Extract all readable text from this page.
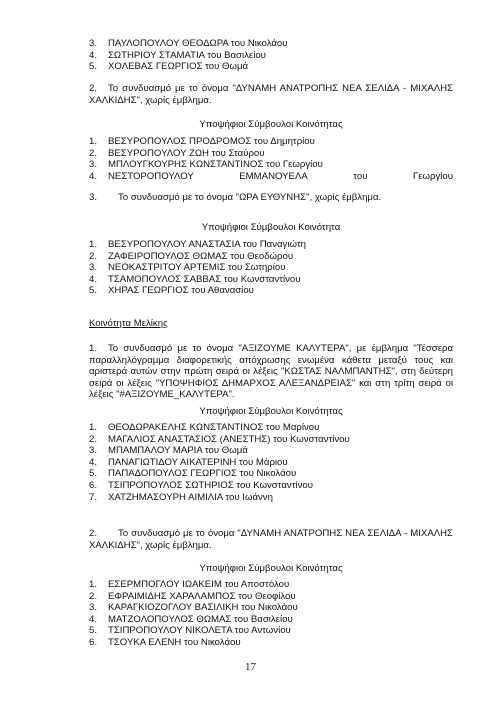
3.	ΠΑΥΛΟΠΟΥΛΟΥ ΘΕΟΔΩΡΑ του Νικολάου
4.	ΣΩΤΗΡΙΟΥ ΣΤΑΜΑΤΙΑ του Βασιλείου
5.	ΧΟΛΕΒΑΣ ΓΕΩΡΓΙΟΣ του Θωμά
2. Το συνδυασμό με το όνομα "ΔΥΝΑΜΗ ΑΝΑΤΡΟΠΗΣ ΝΕΑ ΣΕΛΙΔΑ - ΜΙΧΑΛΗΣ ΧΑΛΚΙΔΗΣ", χωρίς έμβλημα.
Υποψήφιοι Σύμβουλοι Κοινότητας
1.	ΒΕΣΥΡΟΠΟΥΛΟΣ ΠΡΟΔΡΟΜΟΣ του Δημητρίου
2.	ΒΕΣΥΡΟΠΟΥΛΟΥ ΖΩΗ του Σταύρου
3.	ΜΠΛΟΥΓΚΟΥΡΗΣ ΚΩΝΣΤΑΝΤΙΝΟΣ του Γεωργίου
4.	ΝΕΣΤΟΡΟΠΟΥΛΟΥ	ΕΜΜΑΝΟΥΕΛΑ	του	Γεωργίου
3. Το συνδυασμό με το όνομα "ΩΡΑ ΕΥΘΥΝΗΣ", χωρίς έμβλημα.
Υποψήφιοι Σύμβουλοι Κοινότητα
1.	ΒΕΣΥΡΟΠΟΥΛΟΥ ΑΝΑΣΤΑΣΙΑ του Παναγιώτη
2.	ΖΑΦΕΙΡΟΠΟΥΛΟΣ ΘΩΜΑΣ του Θεοδώρου
3.	ΝΕΟΚΑΣΤΡΙΤΟΥ ΑΡΤΕΜΙΣ του Σωτηρίου
4.	ΤΣΑΜΟΠΟΥΛΟΣ ΣΑΒΒΑΣ του Κωνσταντίνου
5.	ΧΗΡΑΣ ΓΕΩΡΓΙΟΣ του Αθανασίου
Κοινότητα Μελίκης
1. Το συνδυασμό με το όνομα "ΑΞΙΖΟΥΜΕ ΚΑΛΥΤΕΡΑ", με έμβλημα "Τέσσερα παραλληλόγραμμα διαφορετικής απόχρωσης ενωμένα κάθετα μεταξύ τους και αριστερά αυτών στην πρώτη σειρά οι λέξεις "ΚΩΣΤΑΣ ΝΑΛΜΠΑΝΤΗΣ", στη δεύτερη σειρά οι λέξεις "ΥΠΟΨΗΦΙΟΣ ΔΗΜΑΡΧΟΣ ΑΛΕΞΑΝΔΡΕΙΑΣ" και στη τρίτη σειρά οι λέξεις "#ΑΞΙΖΟΥΜΕ_ΚΑΛΥΤΕΡΑ".
Υποψήφιοι Σύμβουλοι Κοινότητας
1.	ΘΕΟΔΩΡΑΚΕΛΗΣ ΚΩΝΣΤΑΝΤΙΝΟΣ του Μαρίνου
2.	ΜΑΓΑΛΙΟΣ ΑΝΑΣΤΑΣΙΟΣ (ΑΝΕΣΤΗΣ) του Κωνσταντίνου
3.	ΜΠΑΜΠΑΛΟΥ ΜΑΡΙΑ του Θωμά
4.	ΠΑΝΑΓΙΩΤΙΔΟΥ ΑΙΚΑΤΕΡΙΝΗ του Μάριου
5.	ΠΑΠΑΔΟΠΟΥΛΟΣ ΓΕΩΡΓΙΟΣ του Νικολάου
6.	ΤΣΙΠΡΟΠΟΥΛΟΣ ΣΩΤΗΡΙΟΣ του Κωνσταντίνου
7.	ΧΑΤΖΗΜΑΣΟΥΡΗ ΑΙΜΙΛΙΑ του Ιωάννη
2. Το συνδυασμό με το όνομα "ΔΥΝΑΜΗ ΑΝΑΤΡΟΠΗΣ ΝΕΑ ΣΕΛΙΔΑ - ΜΙΧΑΛΗΣ ΧΑΛΚΙΔΗΣ", χωρίς έμβλημα.
Υποψήφιοι Σύμβουλοι Κοινότητας
1.	ΕΣΕΡΜΠΟΓΛΟΥ ΙΩΑΚΕΙΜ του Αποστόλου
2.	ΕΦΡΑΙΜΙΔΗΣ ΧΑΡΑΛΑΜΠΟΣ του Θεοφίλου
3.	ΚΑΡΑΓΚΙΟΖΟΓΛΟΥ ΒΑΣΙΛΙΚΗ του Νικολάου
4.	ΜΑΤΖΟΛΟΠΟΥΛΟΣ ΘΩΜΑΣ του Βασιλείου
5.	ΤΣΙΠΡΟΠΟΥΛΟΥ ΝΙΚΟΛΕΤΑ του Αντωνίου
6.	ΤΣΟΥΚΑ ΕΛΕΝΗ του Νικολάου
17
